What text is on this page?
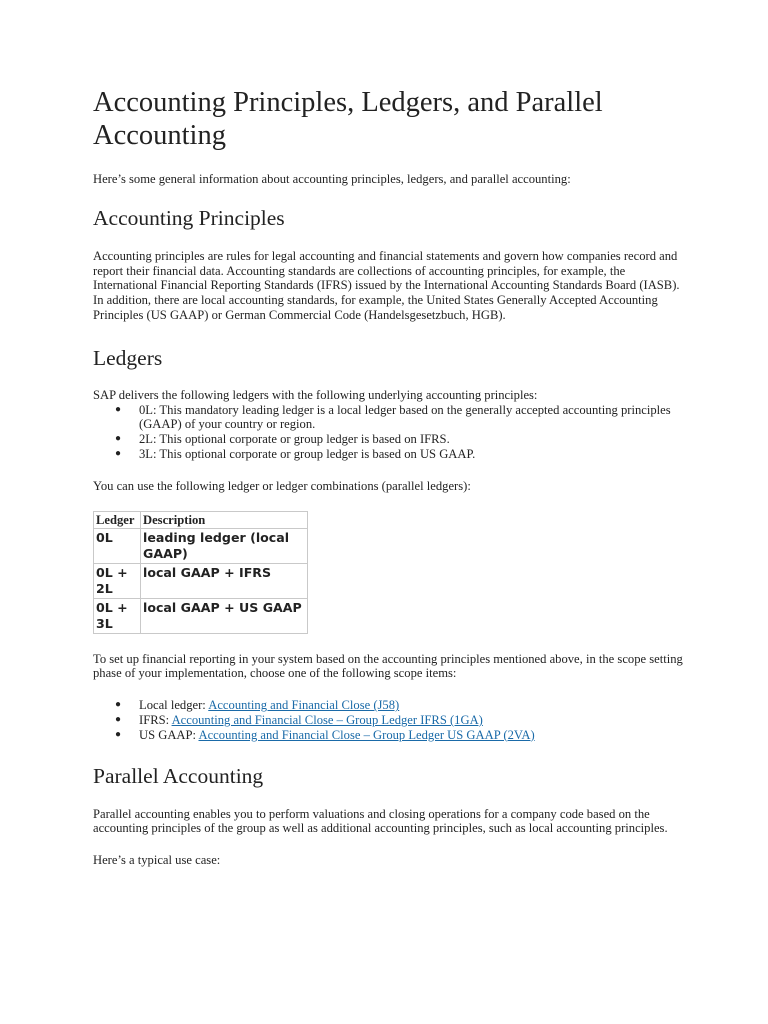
Accounting Principles, Ledgers, and Parallel Accounting

Here’s some general information about accounting principles, ledgers, and parallel accounting:

Accounting Principles

Accounting principles are rules for legal accounting and financial statements and govern how companies record and report their financial data. Accounting standards are collections of accounting principles, for example, the International Financial Reporting Standards (IFRS) issued by the International Accounting Standards Board (IASB). In addition, there are local accounting standards, for example, the United States Generally Accepted Accounting Principles (US GAAP) or German Commercial Code (Handelsgesetzbuch, HGB).

Ledgers

SAP delivers the following ledgers with the following underlying accounting principles:

● 0L: This mandatory leading ledger is a local ledger based on the generally accepted accounting principles (GAAP) of your country or region.
● 2L: This optional corporate or group ledger is based on IFRS.
● 3L: This optional corporate or group ledger is based on US GAAP.

You can use the following ledger or ledger combinations (parallel ledgers):

Ledger	Description
0L	leading ledger (local GAAP)
0L + 2L	local GAAP + IFRS
0L + 3L	local GAAP + US GAAP

To set up financial reporting in your system based on the accounting principles mentioned above, in the scope setting phase of your implementation, choose one of the following scope items:

● Local ledger: Accounting and Financial Close (J58)
● IFRS: Accounting and Financial Close – Group Ledger IFRS (1GA)
● US GAAP: Accounting and Financial Close – Group Ledger US GAAP (2VA)
Parallel Accounting

Parallel accounting enables you to perform valuations and closing operations for a company code based on the accounting principles of the group as well as additional accounting principles, such as local accounting principles.

Here’s a typical use case:
